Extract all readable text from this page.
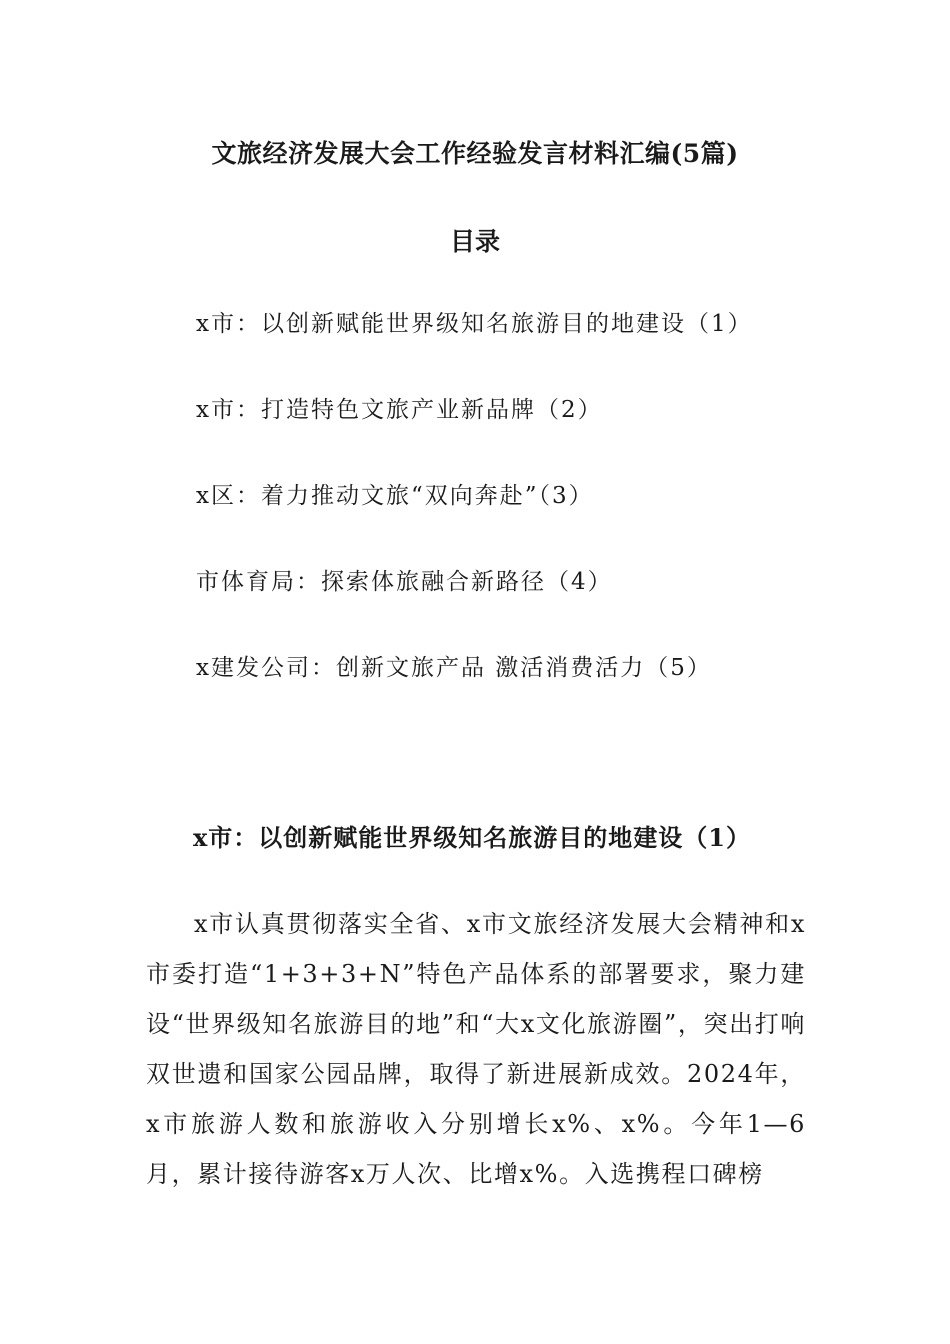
文旅经济发展大会工作经验发言材料汇编(5篇)
目录
x市：以创新赋能世界级知名旅游目的地建设（1）
x市：打造特色文旅产业新品牌（2）
x区：着力推动文旅“双向奔赴”（3）
市体育局：探索体旅融合新路径（4）
x建发公司：创新文旅产品 激活消费活力（5）
x市：以创新赋能世界级知名旅游目的地建设（1）

x市认真贯彻落实全省、x市文旅经济发展大会精神和x市委打造“1+3+3+N”特色产品体系的部署要求，聚力建设“世界级知名旅游目的地”和“大x文化旅游圈”，突出打响双世遗和国家公园品牌，取得了新进展新成效。2024年，x市旅游人数和旅游收入分别增长x%、x%。今年1—6月，累计接待游客x万人次、比增x%。入选携程口碑榜
